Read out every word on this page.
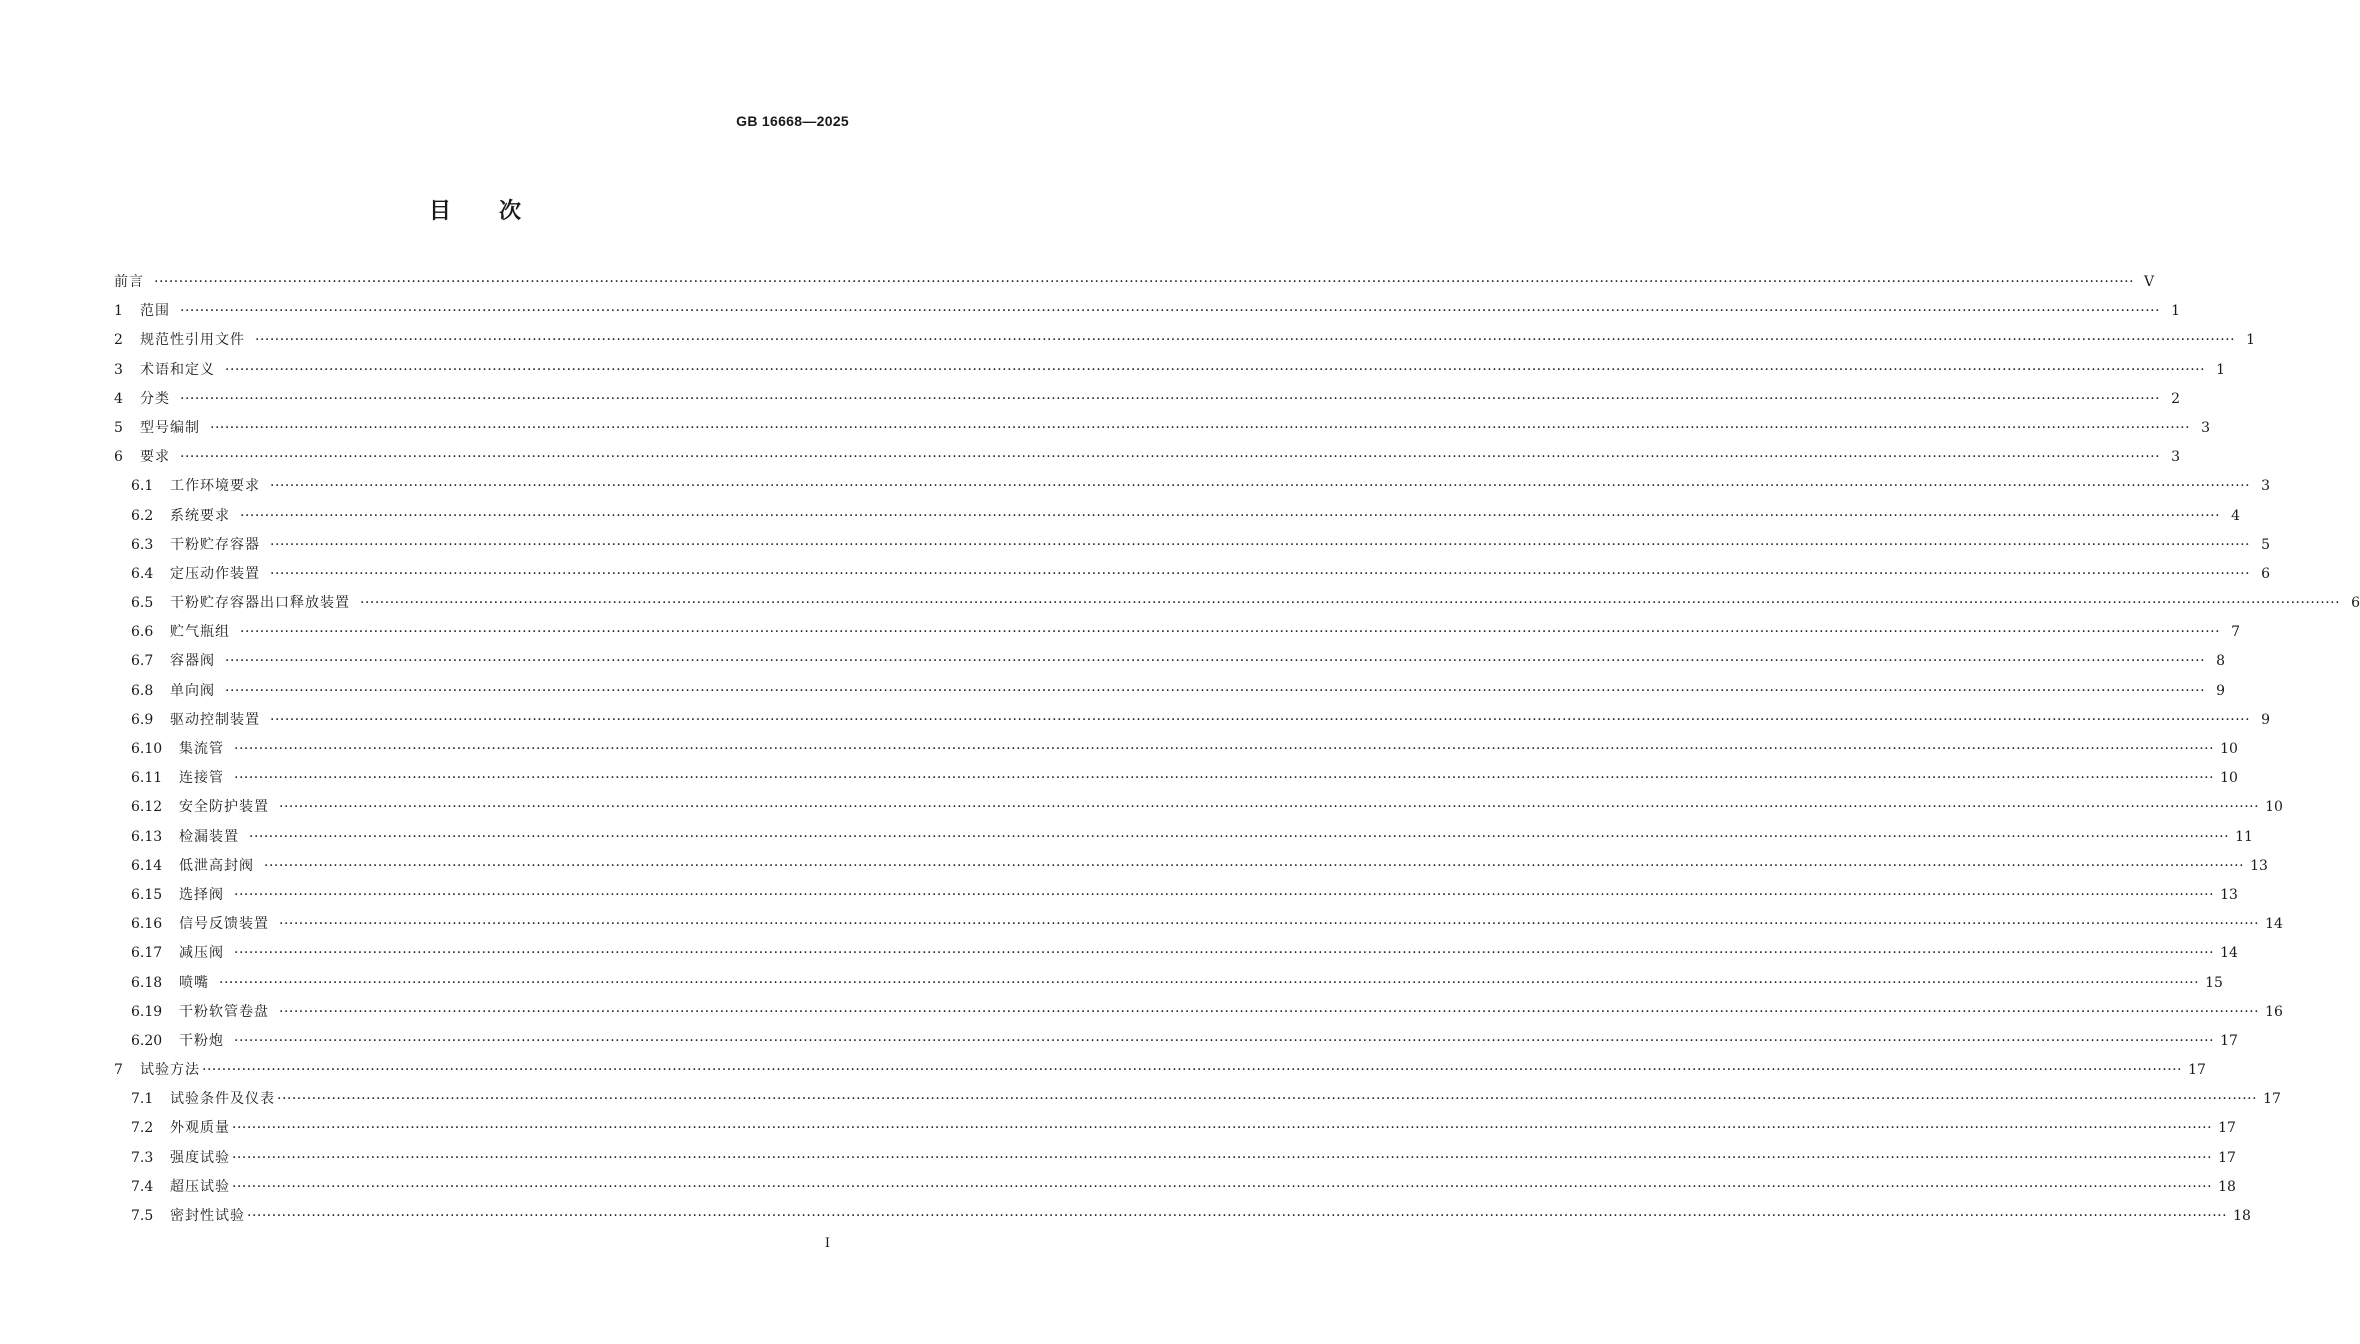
GB 16668—2025
目次
前言 ················································································································································································································································································································································································································ Ⅴ
1	范围 ················································································································································································································································································································································································································ 1
2	规范性引用文件 ················································································································································································································································································································································································································ 1
3	术语和定义 ················································································································································································································································································································································································································ 1
4	分类 ················································································································································································································································································································································································································ 2
5	型号编制 ················································································································································································································································································································································································································ 3
6	要求 ················································································································································································································································································································································································································ 3
6.1	工作环境要求 ················································································································································································································································································································································································································ 3
6.2	系统要求 ················································································································································································································································································································································································································ 4
6.3	干粉贮存容器 ················································································································································································································································································································································································································ 5
6.4	定压动作装置 ················································································································································································································································································································································································································ 6
6.5	干粉贮存容器出口释放装置 ················································································································································································································································································································································································································ 6
6.6	贮气瓶组 ················································································································································································································································································································································································································ 7
6.7	容器阀 ················································································································································································································································································································································································································ 8
6.8	单向阀 ················································································································································································································································································································································································································ 9
6.9	驱动控制装置 ················································································································································································································································································································································································································ 9
6.10	集流管 ················································································································································································································································································································································································································ 10
6.11	连接管 ················································································································································································································································································································································································································ 10
6.12	安全防护装置 ················································································································································································································································································································································································································ 10
6.13	检漏装置 ················································································································································································································································································································································································································ 11
6.14	低泄高封阀 ················································································································································································································································································································································································································ 13
6.15	选择阀 ················································································································································································································································································································································································································ 13
6.16	信号反馈装置 ················································································································································································································································································································································································································ 14
6.17	减压阀 ················································································································································································································································································································································································································ 14
6.18	喷嘴 ················································································································································································································································································································································································································ 15
6.19	干粉软管卷盘 ················································································································································································································································································································································································································ 16
6.20	干粉炮 ················································································································································································································································································································································································································ 17
7	试验方法 ················································································································································································································································································································································································································ 17
7.1	试验条件及仪表 ················································································································································································································································································································································································································ 17
7.2	外观质量 ················································································································································································································································································································································································································ 17
7.3	强度试验 ················································································································································································································································································································································································································ 17
7.4	超压试验 ················································································································································································································································································································································································································ 18
7.5	密封性试验 ················································································································································································································································································································································································································ 18
Ⅰ
